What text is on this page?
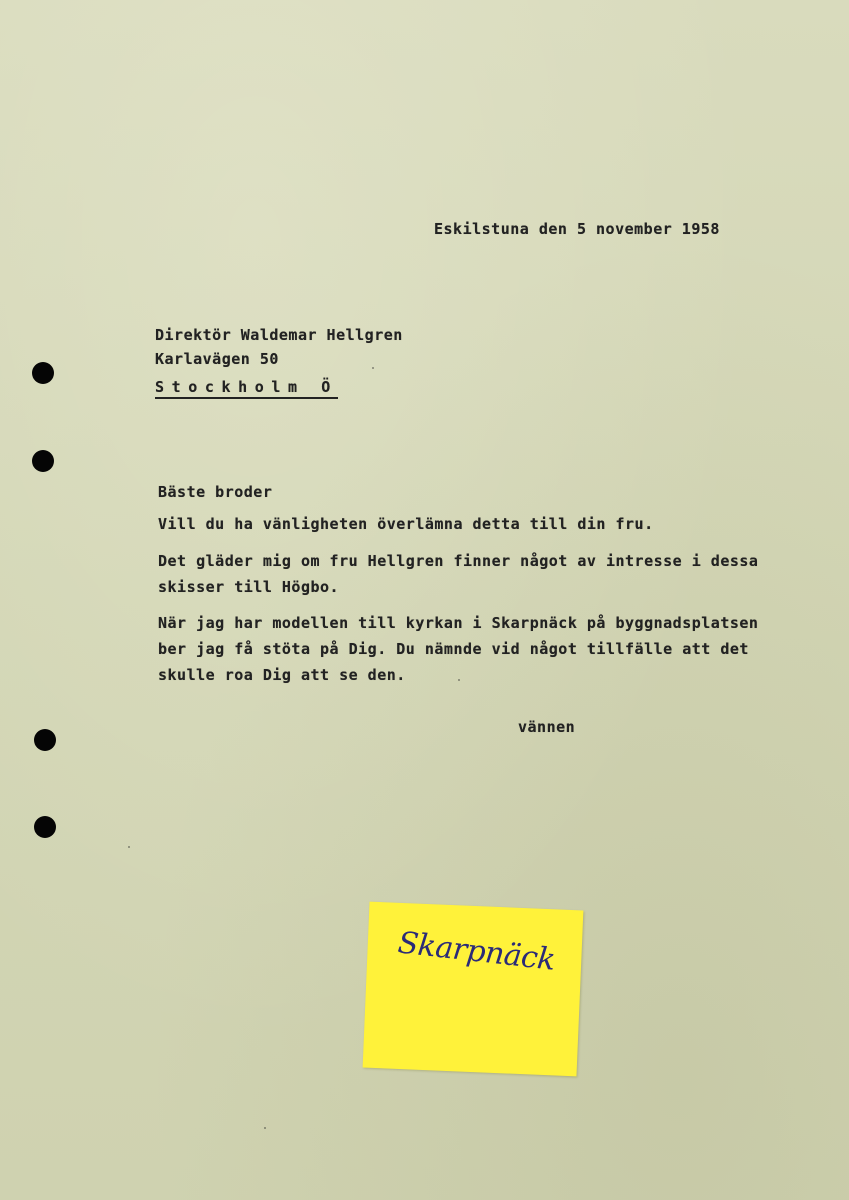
Eskilstuna den 5 november 1958
Direktör Waldemar Hellgren
Karlavägen 50
Stockholm Ö
Bäste broder
Vill du ha vänligheten överlämna detta till din fru.
Det gläder mig om fru Hellgren finner något av intresse i dessa
skisser till Högbo.
När jag har modellen till kyrkan i Skarpnäck på byggnadsplatsen
ber jag få stöta på Dig. Du nämnde vid något tillfälle att det
skulle roa Dig att se den.
vännen
Skarpnäck
